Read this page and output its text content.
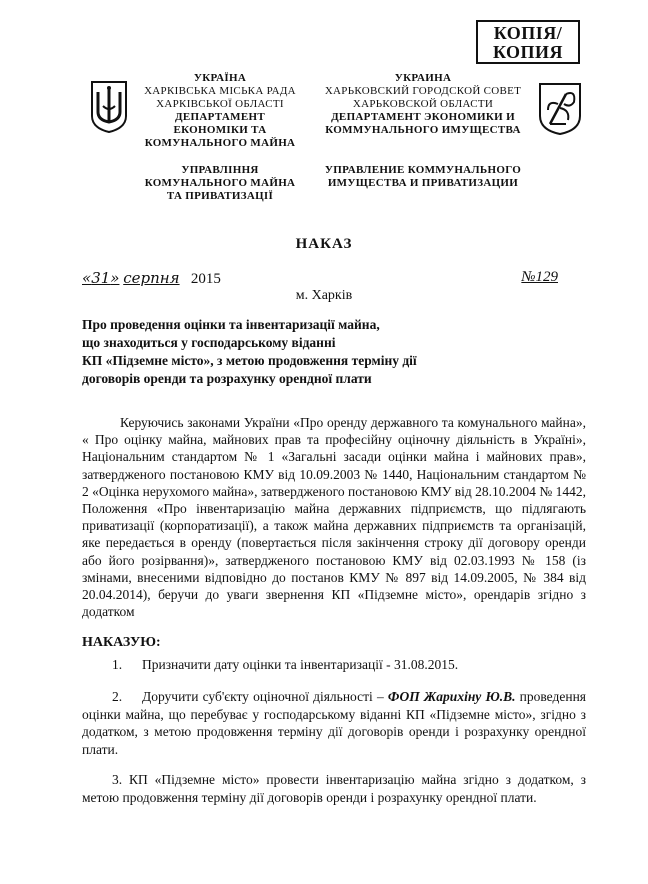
КОПІЯ/
КОПИЯ
УКРАЇНА
ХАРКІВСЬКА МІСЬКА РАДА
ХАРКІВСЬКОЇ ОБЛАСТІ
ДЕПАРТАМЕНТ
ЕКОНОМІКИ ТА
КОМУНАЛЬНОГО МАЙНА
УПРАВЛІННЯ
КОМУНАЛЬНОГО МАЙНА
ТА ПРИВАТИЗАЦІЇ
УКРАИНА
ХАРЬКОВСКИЙ ГОРОДСКОЙ СОВЕТ
ХАРЬКОВСКОЙ ОБЛАСТИ
ДЕПАРТАМЕНТ ЭКОНОМИКИ И
КОММУНАЛЬНОГО ИМУЩЕСТВА
УПРАВЛЕНИЕ КОММУНАЛЬНОГО
ИМУЩЕСТВА И ПРИВАТИЗАЦИИ
НАКАЗ
«31» серпня 2015	№129
м. Харків
Про проведення оцінки та інвентаризації майна,
що знаходиться у господарському віданні
КП «Підземне місто», з метою продовження терміну дії
договорів оренди та розрахунку орендної плати

Керуючись законами України «Про оренду державного та комунального майна», « Про оцінку майна, майнових прав та професійну оціночну діяльність в Україні», Національним стандартом № 1 «Загальні засади оцінки майна і майнових прав», затвердженого постановою КМУ від 10.09.2003 № 1440, Національним стандартом № 2 «Оцінка нерухомого майна», затвердженого постановою КМУ від 28.10.2004 № 1442, Положення «Про інвентаризацію майна державних підприємств, що підлягають приватизації (корпоратизації), а також майна державних підприємств та організацій, яке передається в оренду (повертається після закінчення строку дії договору оренди або його розірвання)», затвердженого постановою КМУ від 02.03.1993 № 158 (із змінами, внесеними відповідно до постанов КМУ № 897 від 14.09.2005, № 384 від 20.04.2014), беручи до уваги звернення КП «Підземне місто», орендарів згідно з додатком

НАКАЗУЮ:
1. Призначити дату оцінки та інвентаризації - 31.08.2015.
2. Доручити суб'єкту оціночної діяльності – ФОП Жарихіну Ю.В. проведення оцінки майна, що перебуває у господарському віданні КП «Підземне місто», згідно з додатком, з метою продовження терміну дії договорів оренди і розрахунку орендної плати.
3. КП «Підземне місто» провести інвентаризацію майна згідно з додатком, з метою продовження терміну дії договорів оренди і розрахунку орендної плати.
